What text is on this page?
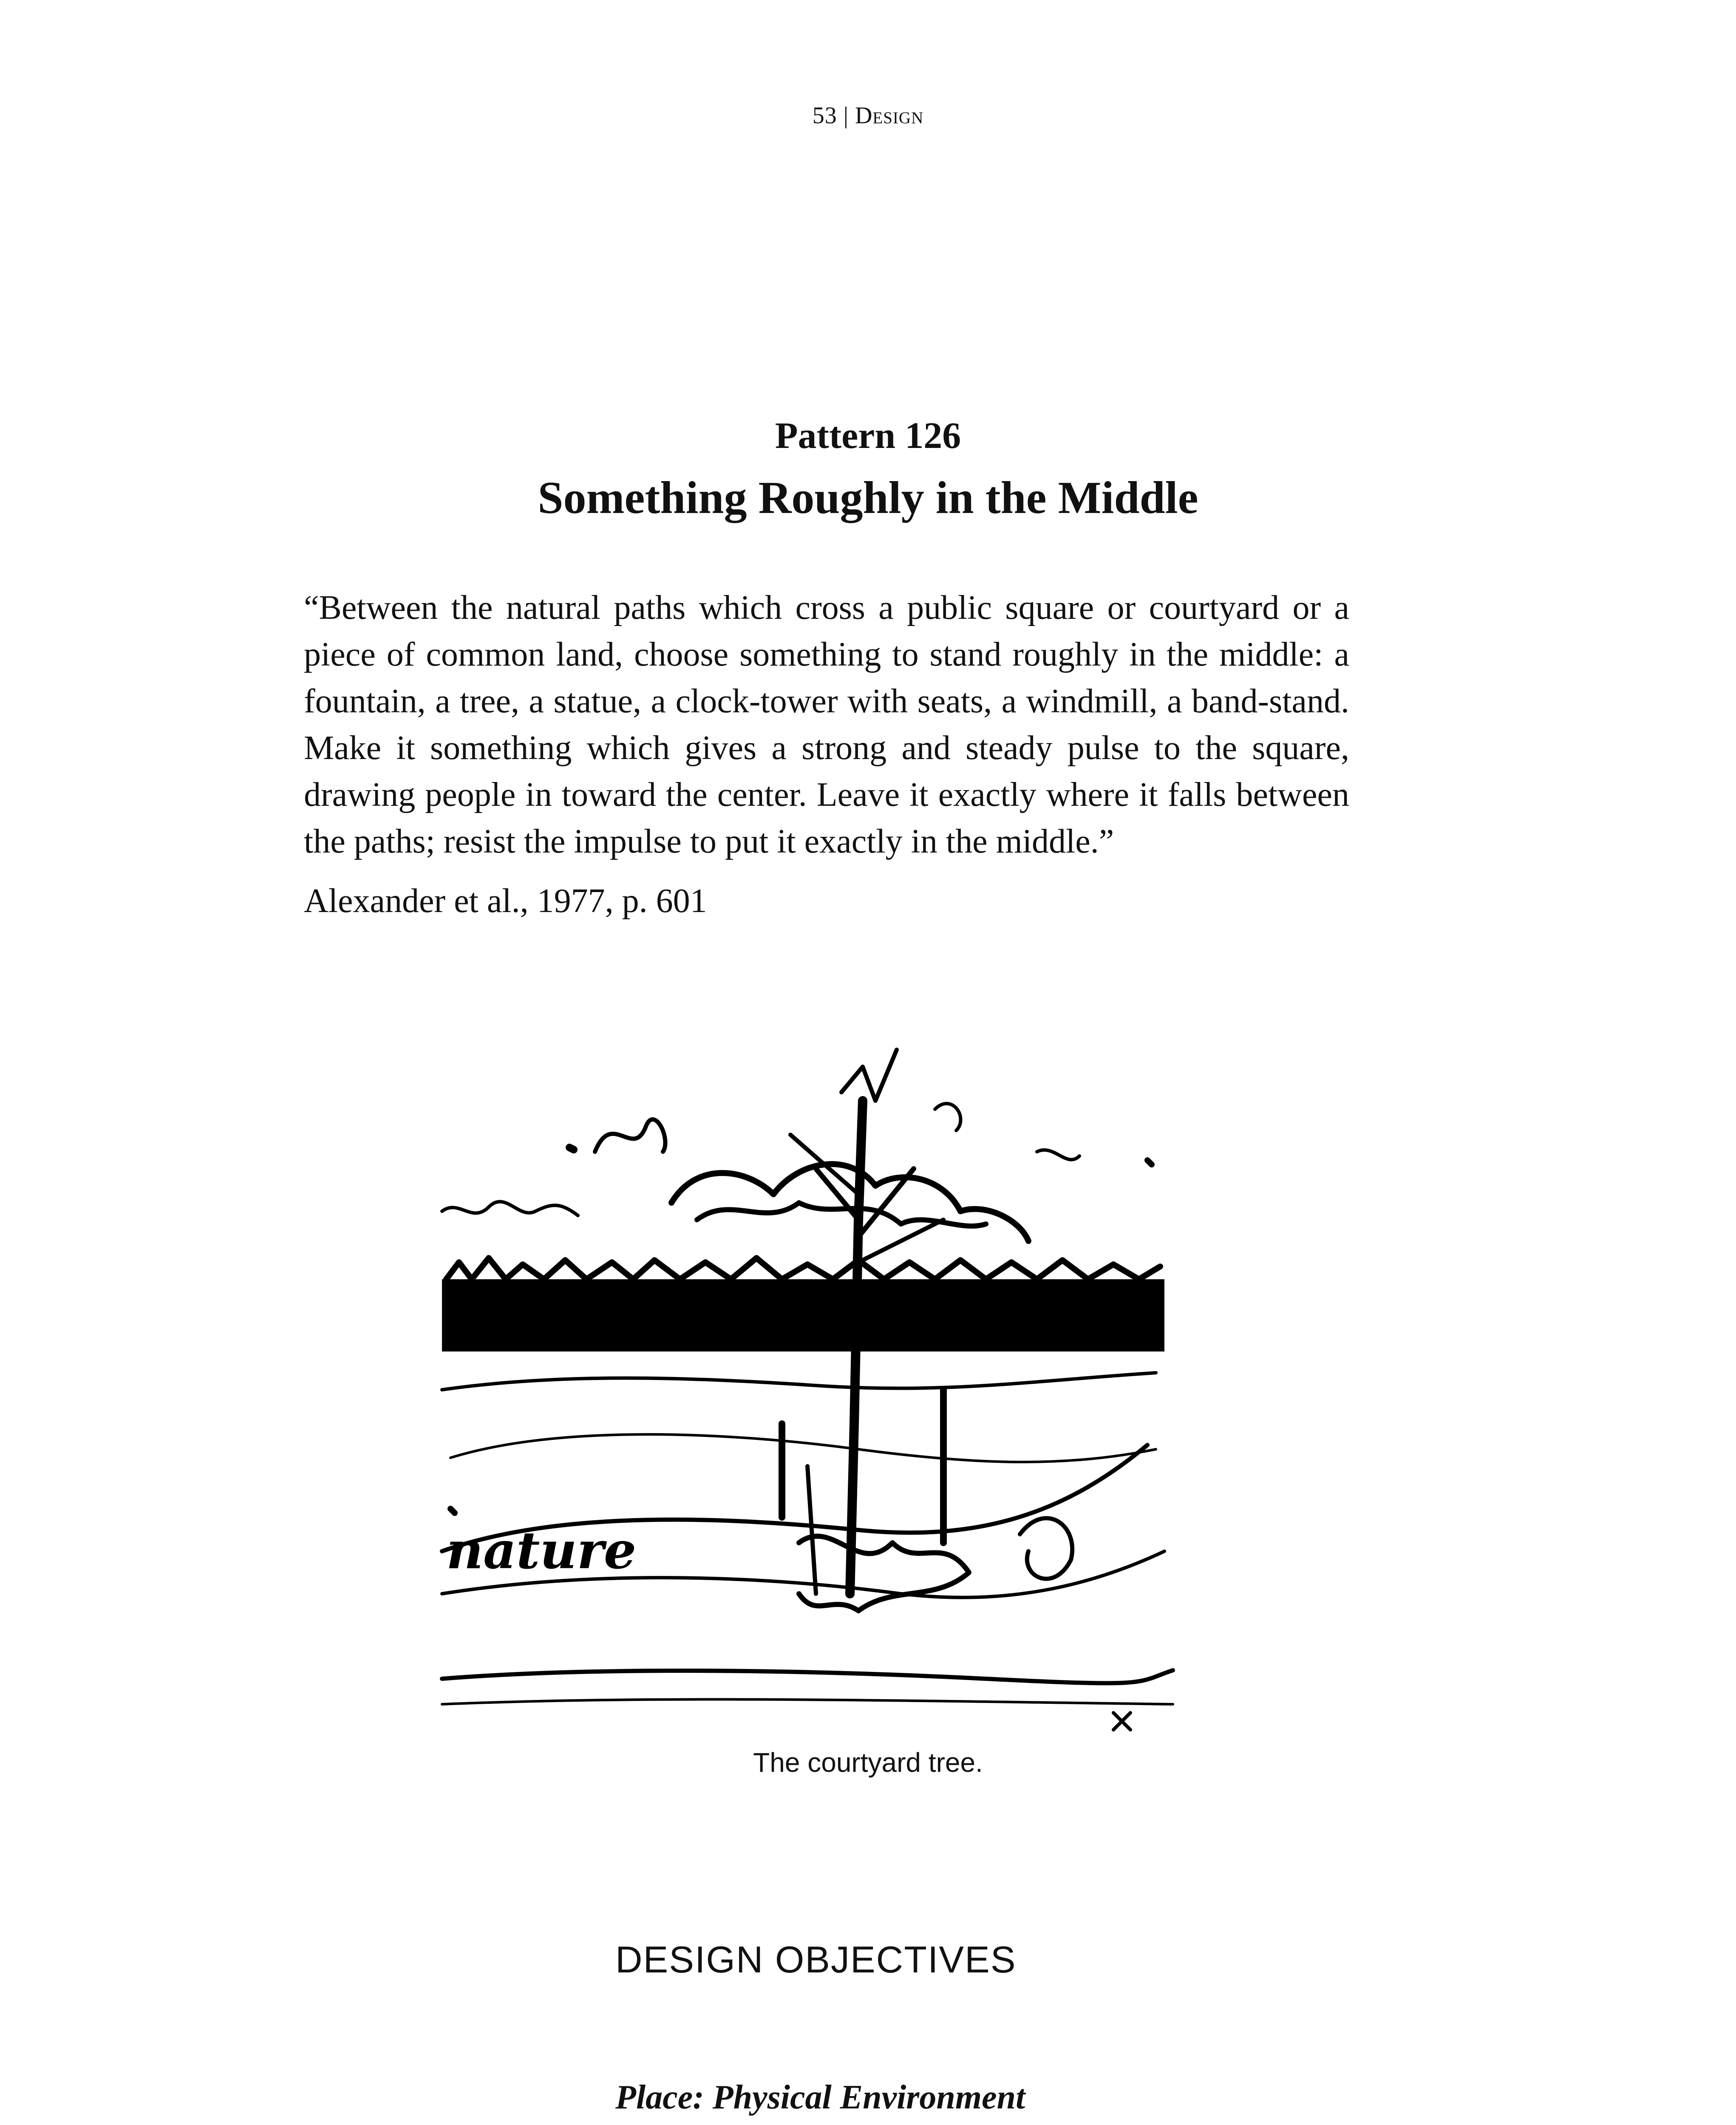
53 | Design
Pattern 126
Something Roughly in the Middle

“Between the natural paths which cross a public square or courtyard or a piece of common land, choose something to stand roughly in the middle: a fountain, a tree, a statue, a clock-tower with seats, a windmill, a band-stand. Make it something which gives a strong and steady pulse to the square, drawing people in toward the center. Leave it exactly where it falls between the paths; resist the impulse to put it exactly in the middle.”

Alexander et al., 1977, p. 601
nature
The courtyard tree.
DESIGN OBJECTIVES
Place: Physical Environment
